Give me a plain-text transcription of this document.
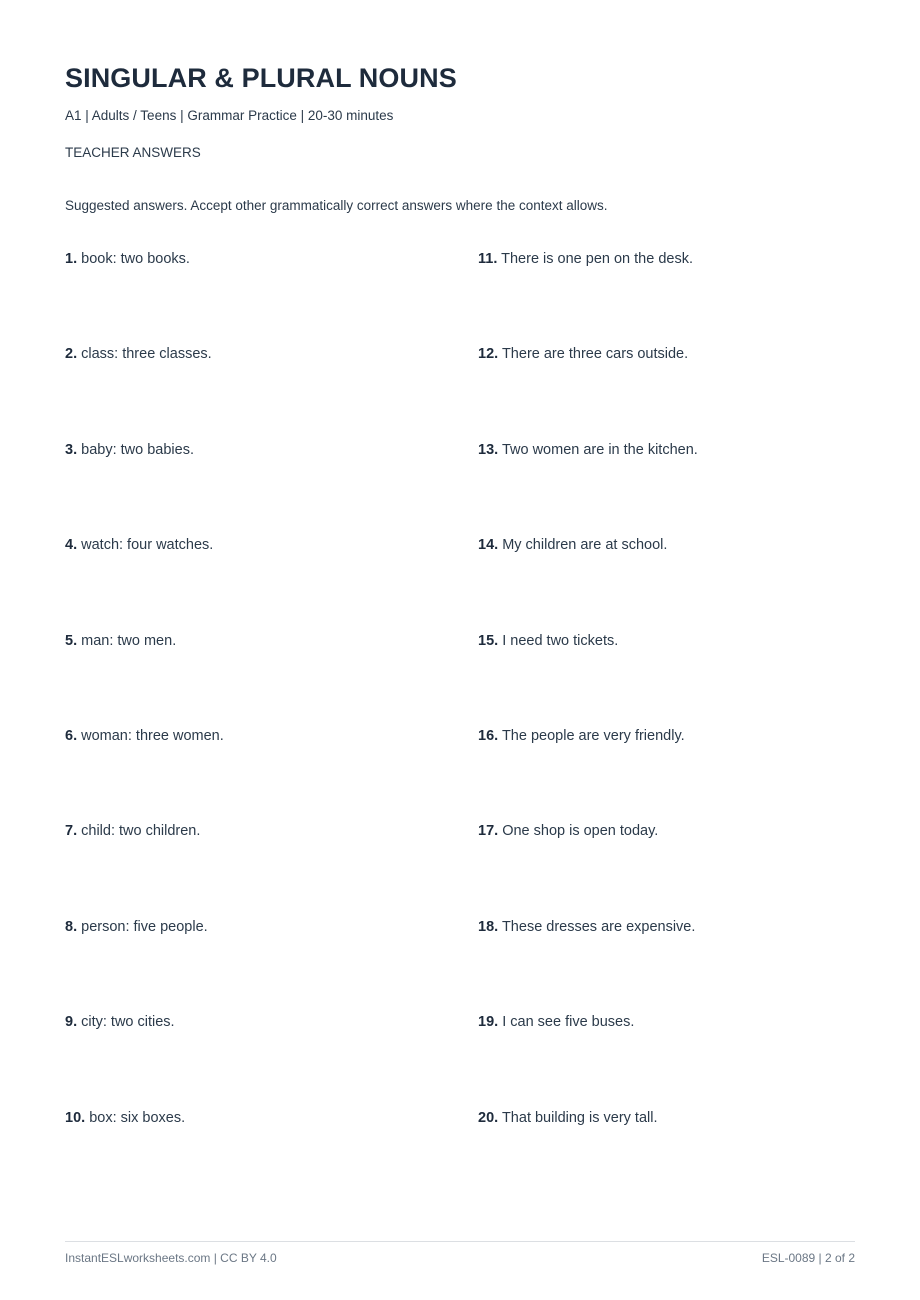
SINGULAR & PLURAL NOUNS
A1 | Adults / Teens | Grammar Practice | 20-30 minutes
TEACHER ANSWERS
Suggested answers. Accept other grammatically correct answers where the context allows.
1. book: two books.
2. class: three classes.
3. baby: two babies.
4. watch: four watches.
5. man: two men.
6. woman: three women.
7. child: two children.
8. person: five people.
9. city: two cities.
10. box: six boxes.
11. There is one pen on the desk.
12. There are three cars outside.
13. Two women are in the kitchen.
14. My children are at school.
15. I need two tickets.
16. The people are very friendly.
17. One shop is open today.
18. These dresses are expensive.
19. I can see five buses.
20. That building is very tall.
InstantESLworksheets.com | CC BY 4.0	ESL-0089 | 2 of 2
